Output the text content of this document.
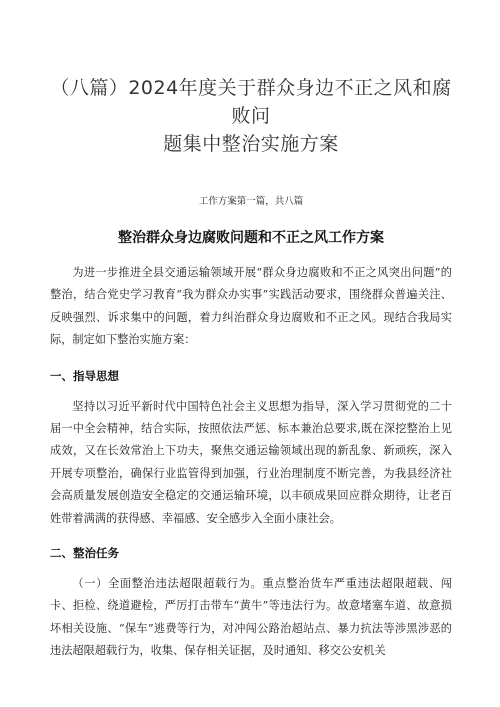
（八篇）2024年度关于群众身边不正之风和腐败问
题集中整治实施方案
工作方案第一篇，共八篇
整治群众身边腐败问题和不正之风工作方案

为进一步推进全县交通运输领域开展“群众身边腐败和不正之风突出问题”的整治，结合党史学习教育“我为群众办实事”实践活动要求，围绕群众普遍关注、反映强烈、诉求集中的问题，着力纠治群众身边腐败和不正之风。现结合我局实际，制定如下整治实施方案：

一、指导思想

坚持以习近平新时代中国特色社会主义思想为指导，深入学习贯彻党的二十届一中全会精神，结合实际，按照依法严惩、标本兼治总要求,既在深挖整治上见成效，又在长效常治上下功夫，聚焦交通运输领域出现的新乱象、新顽疾，深入开展专项整治，确保行业监管得到加强，行业治理制度不断完善，为我县经济社会高质量发展创造安全稳定的交通运输环境，以丰硕成果回应群众期待，让老百姓带着满满的获得感、幸福感、安全感步入全面小康社会。

二、整治任务

（一）全面整治违法超限超载行为。重点整治货车严重违法超限超载、闯卡、拒检、绕道避检，严厉打击带车“黄牛”等违法行为。故意堵塞车道、故意损坏相关设施、“保车”逃费等行为，对冲闯公路治超站点、暴力抗法等涉黑涉恶的违法超限超载行为，收集、保存相关证据，及时通知、移交公安机关
